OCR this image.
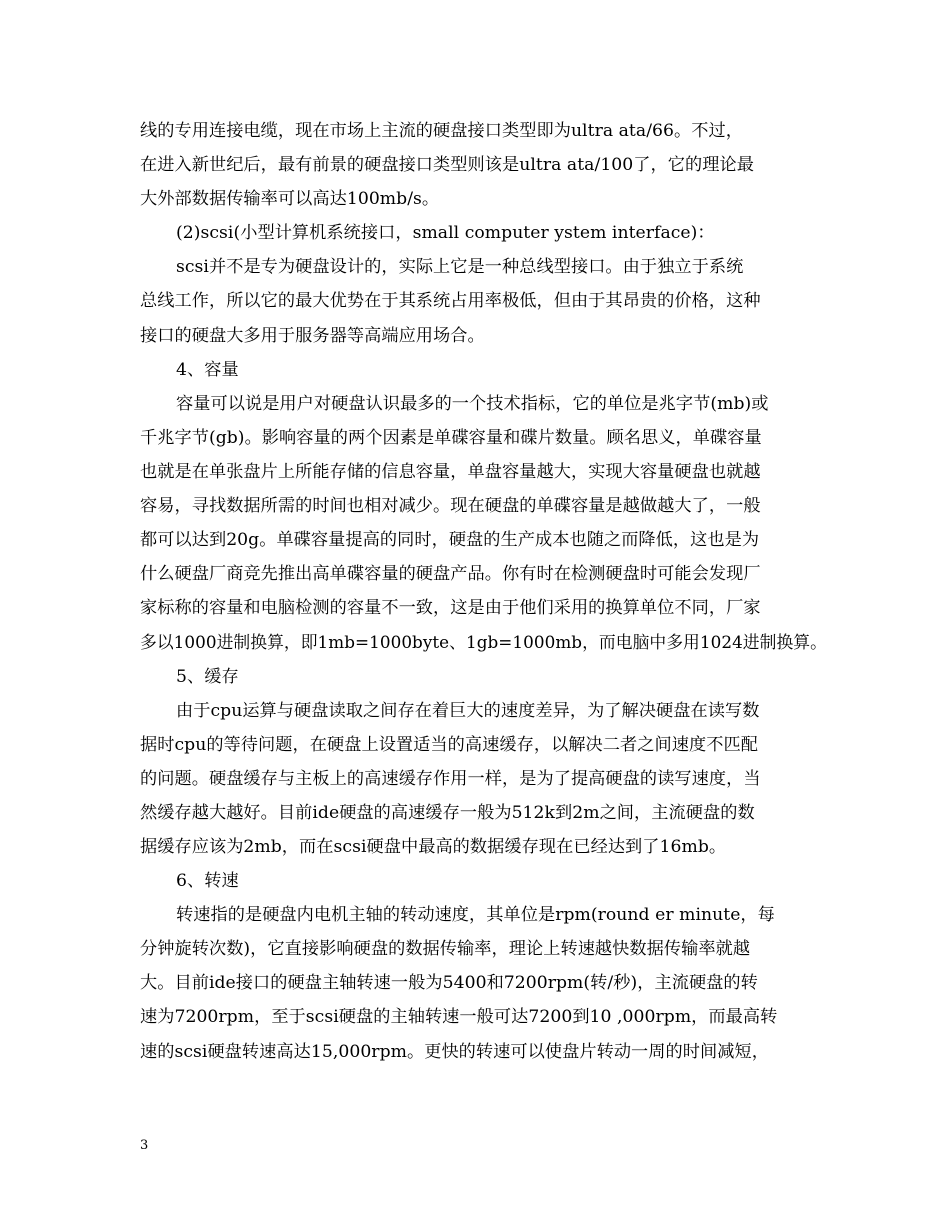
线的专用连接电缆，现在市场上主流的硬盘接口类型即为ultra ata/66。不过，
在进入新世纪后，最有前景的硬盘接口类型则该是ultra ata/100了，它的理论最
大外部数据传输率可以高达100mb/s。
(2)scsi(小型计算机系统接口，small computer ystem interface)：
scsi并不是专为硬盘设计的，实际上它是一种总线型接口。由于独立于系统
总线工作，所以它的最大优势在于其系统占用率极低，但由于其昂贵的价格，这种
接口的硬盘大多用于服务器等高端应用场合。
4、容量
容量可以说是用户对硬盘认识最多的一个技术指标，它的单位是兆字节(mb)或
千兆字节(gb)。影响容量的两个因素是单碟容量和碟片数量。顾名思义，单碟容量
也就是在单张盘片上所能存储的信息容量，单盘容量越大，实现大容量硬盘也就越
容易，寻找数据所需的时间也相对减少。现在硬盘的单碟容量是越做越大了，一般
都可以达到20g。单碟容量提高的同时，硬盘的生产成本也随之而降低，这也是为
什么硬盘厂商竞先推出高单碟容量的硬盘产品。你有时在检测硬盘时可能会发现厂
家标称的容量和电脑检测的容量不一致，这是由于他们采用的换算单位不同，厂家
多以1000进制换算，即1mb=1000byte、1gb=1000mb，而电脑中多用1024进制换算。
5、缓存
由于cpu运算与硬盘读取之间存在着巨大的速度差异，为了解决硬盘在读写数
据时cpu的等待问题，在硬盘上设置适当的高速缓存，以解决二者之间速度不匹配
的问题。硬盘缓存与主板上的高速缓存作用一样，是为了提高硬盘的读写速度，当
然缓存越大越好。目前ide硬盘的高速缓存一般为512k到2m之间，主流硬盘的数
据缓存应该为2mb，而在scsi硬盘中最高的数据缓存现在已经达到了16mb。
6、转速
转速指的是硬盘内电机主轴的转动速度，其单位是rpm(round er minute，每
分钟旋转次数)，它直接影响硬盘的数据传输率，理论上转速越快数据传输率就越
大。目前ide接口的硬盘主轴转速一般为5400和7200rpm(转/秒)，主流硬盘的转
速为7200rpm，至于scsi硬盘的主轴转速一般可达7200到10 ,000rpm，而最高转
速的scsi硬盘转速高达15,000rpm。更快的转速可以使盘片转动一周的时间减短，
3
